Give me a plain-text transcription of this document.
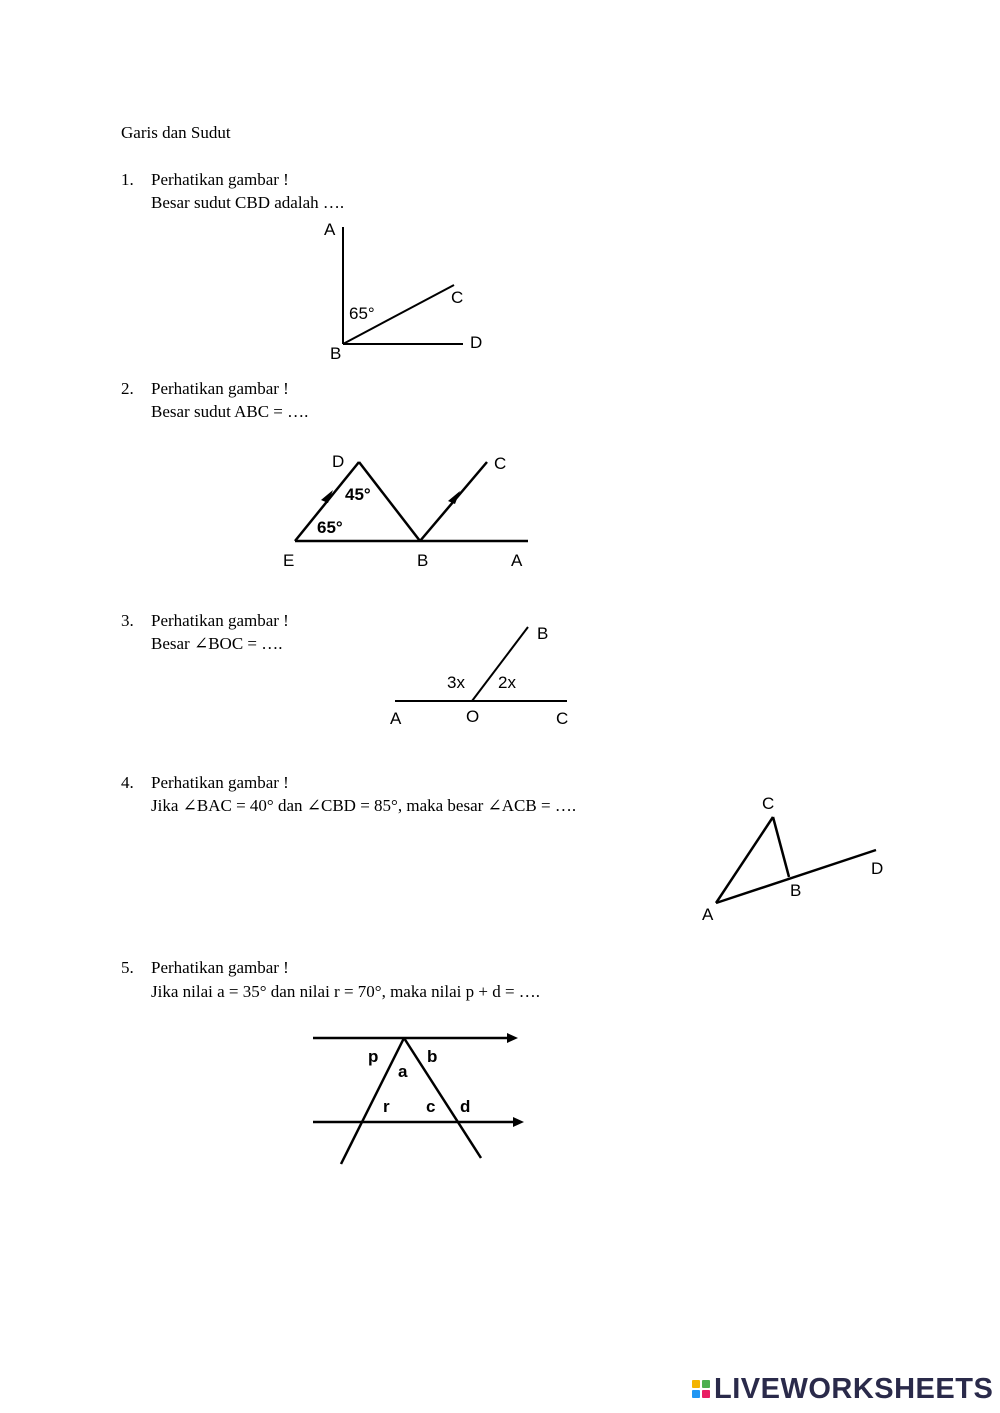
Garis dan Sudut
1. Perhatikan gambar !
Besar sudut CBD adalah ….
A
C
B
D
65°
2. Perhatikan gambar !
Besar sudut ABC = ….
D	C
E	B	A
45°
65°
3. Perhatikan gambar !
Besar ∠BOC = ….
B
A	O	C
3x 2x
4. Perhatikan gambar !
Jika ∠BAC = 40° dan ∠CBD = 85°, maka besar ∠ACB = ….	C
D
B
A
5. Perhatikan gambar !
Jika nilai a = 35° dan nilai r = 70°, maka nilai p + d = ….
p
a
b
r c d
LIVEWORKSHEETS
